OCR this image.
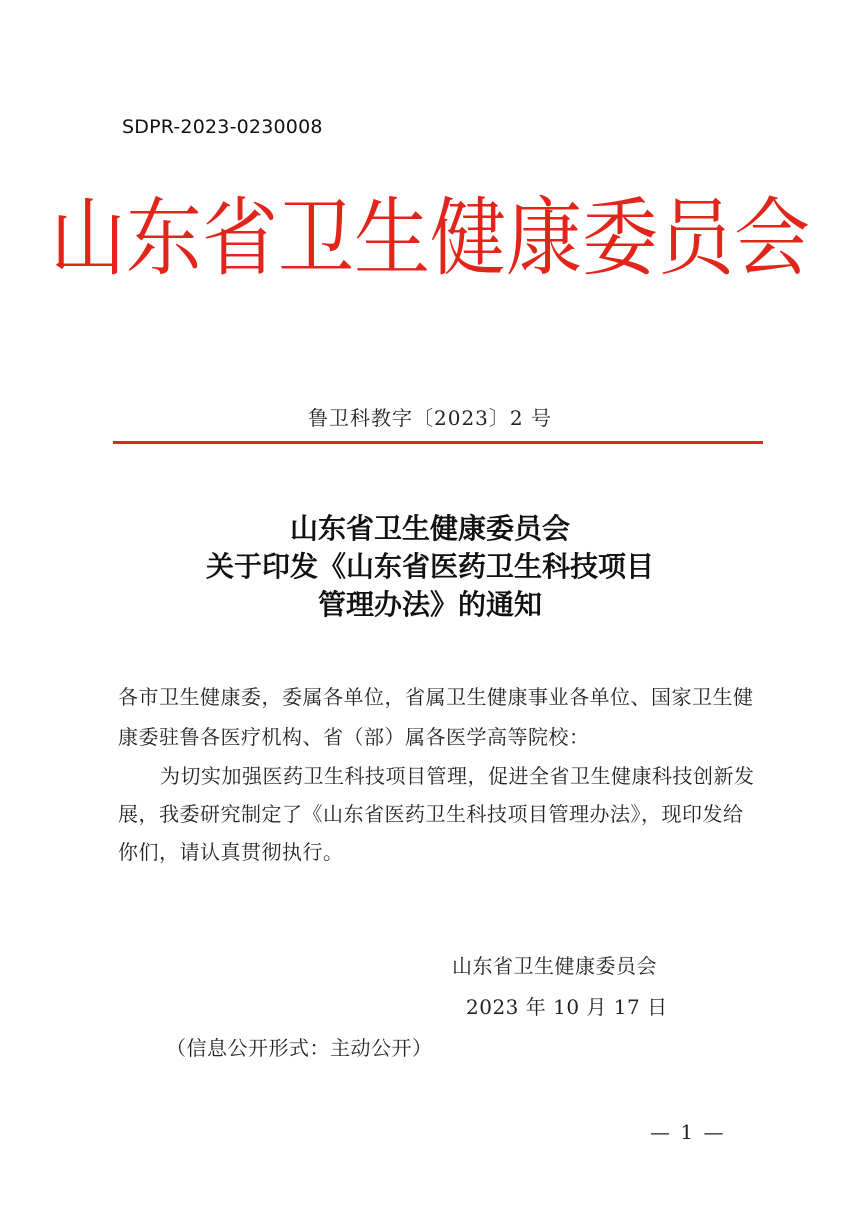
SDPR-2023-0230008
山东省卫生健康委员会
鲁卫科教字〔2023〕2 号
山东省卫生健康委员会
关于印发《山东省医药卫生科技项目
管理办法》的通知
各市卫生健康委，委属各单位，省属卫生健康事业各单位、国家卫生健康委驻鲁各医疗机构、省（部）属各医学高等院校：
为切实加强医药卫生科技项目管理，促进全省卫生健康科技创新发展，我委研究制定了《山东省医药卫生科技项目管理办法》，现印发给你们，请认真贯彻执行。
山东省卫生健康委员会
2023 年 10 月 17 日
（信息公开形式：主动公开）
— 1 —
